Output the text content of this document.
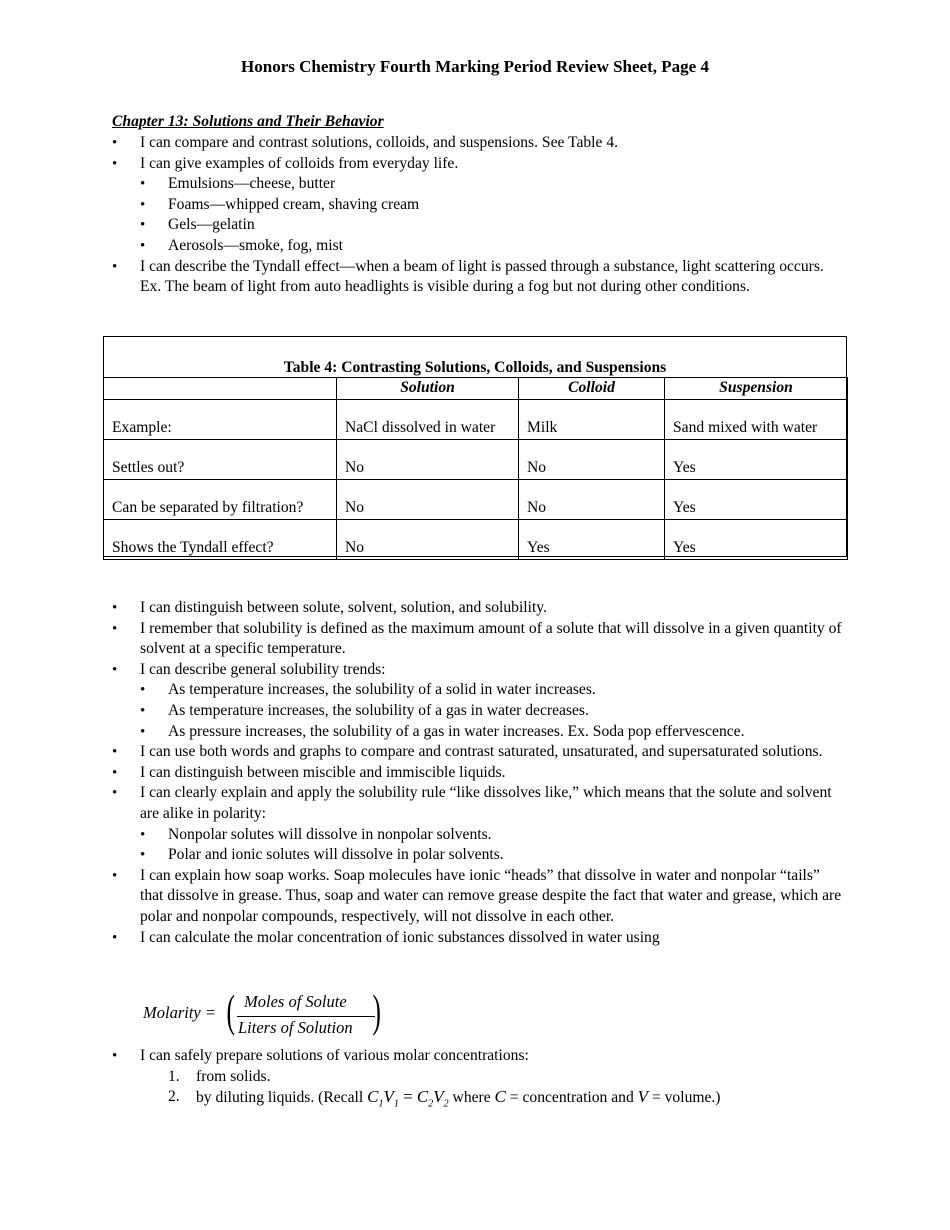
Honors Chemistry Fourth Marking Period Review Sheet, Page 4
Chapter 13: Solutions and Their Behavior
• I can compare and contrast solutions, colloids, and suspensions. See Table 4.
• I can give examples of colloids from everyday life.
• Emulsions—cheese, butter
• Foams—whipped cream, shaving cream
• Gels—gelatin
• Aerosols—smoke, fog, mist
• I can describe the Tyndall effect—when a beam of light is passed through a substance, light scattering occurs. Ex. The beam of light from auto headlights is visible during a fog but not during other conditions.
Table 4: Contrasting Solutions, Colloids, and Suspensions
	Solution	Colloid	Suspension
Example:	NaCl dissolved in water	Milk	Sand mixed with water
Settles out?	No	No	Yes
Can be separated by filtration?	No	No	Yes
Shows the Tyndall effect?	No	Yes	Yes
• I can distinguish between solute, solvent, solution, and solubility.
• I remember that solubility is defined as the maximum amount of a solute that will dissolve in a given quantity of solvent at a specific temperature.
• I can describe general solubility trends:
• As temperature increases, the solubility of a solid in water increases.
• As temperature increases, the solubility of a gas in water decreases.
• As pressure increases, the solubility of a gas in water increases. Ex. Soda pop effervescence.
• I can use both words and graphs to compare and contrast saturated, unsaturated, and supersaturated solutions.
• I can distinguish between miscible and immiscible liquids.
• I can clearly explain and apply the solubility rule “like dissolves like,” which means that the solute and solvent are alike in polarity:
• Nonpolar solutes will dissolve in nonpolar solvents.
• Polar and ionic solutes will dissolve in polar solvents.
• I can explain how soap works. Soap molecules have ionic “heads” that dissolve in water and nonpolar “tails” that dissolve in grease. Thus, soap and water can remove grease despite the fact that water and grease, which are polar and nonpolar compounds, respectively, will not dissolve in each other.
• I can calculate the molar concentration of ionic substances dissolved in water using
Molarity = ( Moles of Solute
Liters of Solution )
• I can safely prepare solutions of various molar concentrations:
1. from solids.
2. by diluting liquids. (Recall $C_1V_1 = C_2V_2$ where C = concentration and V = volume.)
